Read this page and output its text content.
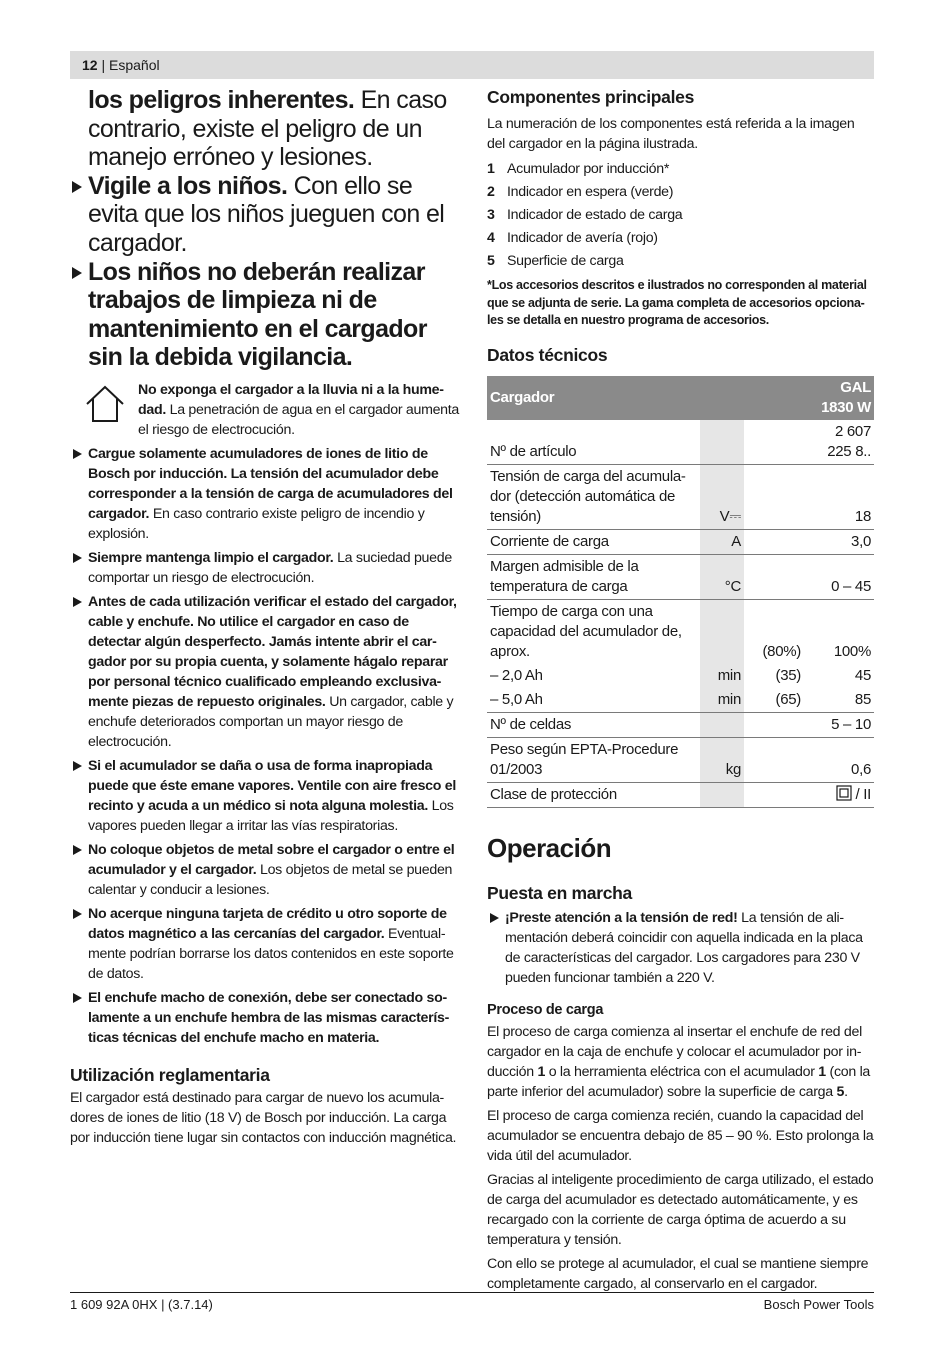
12 | Español

los peligros inherentes. En caso contrario, existe el peligro de un manejo erróneo y lesiones.

Vigile a los niños. Con ello se evita que los niños jueguen con el cargador.

Los niños no deberán realizar trabajos de limpieza ni de mantenimiento en el cargador sin la debida vigilancia.

No exponga el cargador a la lluvia ni a la humedad. La penetración de agua en el cargador aumenta el riesgo de electrocución.
Cargue solamente acumuladores de iones de litio de Bosch por inducción. La tensión del acumulador debe corresponder a la tensión de carga de acumuladores del cargador. En caso contrario existe peligro de incendio y explosión.
Siempre mantenga limpio el cargador. La suciedad puede comportar un riesgo de electrocución.
Antes de cada utilización verificar el estado del cargador, cable y enchufe. No utilice el cargador en caso de detectar algún desperfecto. Jamás intente abrir el cargador por su propia cuenta, y solamente hágalo reparar por personal técnico cualificado empleando exclusivamente piezas de repuesto originales. Un cargador, cable y enchufe deteriorados comportan un mayor riesgo de electrocución.
Si el acumulador se daña o usa de forma inapropiada puede que éste emane vapores. Ventile con aire fresco el recinto y acuda a un médico si nota alguna molestia. Los vapores pueden llegar a irritar las vías respiratorias.
No coloque objetos de metal sobre el cargador o entre el acumulador y el cargador. Los objetos de metal se pueden calentar y conducir a lesiones.
No acerque ninguna tarjeta de crédito u otro soporte de datos magnético a las cercanías del cargador. Eventualmente podrían borrarse los datos contenidos en este soporte de datos.
El enchufe macho de conexión, debe ser conectado solamente a un enchufe hembra de las mismas características técnicas del enchufe macho en materia.
Utilización reglamentaria

El cargador está destinado para cargar de nuevo los acumuladores de iones de litio (18 V) de Bosch por inducción. La carga por inducción tiene lugar sin contactos con inducción magnética.

Componentes principales

La numeración de los componentes está referida a la imagen del cargador en la página ilustrada.

1 Acumulador por inducción*
2 Indicador en espera (verde)
3 Indicador de estado de carga
4 Indicador de avería (rojo)
5 Superficie de carga

*Los accesorios descritos e ilustrados no corresponden al material que se adjunta de serie. La gama completa de accesorios opcionales se detalla en nuestro programa de accesorios.

Datos técnicos
Cargador			GAL 1830 W
Nº de artículo			2 607 225 8..
Tensión de carga del acumulador (detección automática de tensión)	V⎓		18
Corriente de carga	A		3,0
Margen admisible de la temperatura de carga	°C		0 – 45
Tiempo de carga con una capacidad del acumulador de, aprox.		(80%)	100%
– 2,0 Ah	min	(35)	45
– 5,0 Ah	min	(65)	85
Nº de celdas			5 – 10
Peso según EPTA-Procedure 01/2003	kg		0,6
Clase de protección			/ II
Operación
Puesta en marcha
¡Preste atención a la tensión de red! La tensión de alimentación deberá coincidir con aquella indicada en la placa de características del cargador. Los cargadores para 230 V pueden funcionar también a 220 V.
Proceso de carga

El proceso de carga comienza al insertar el enchufe de red del cargador en la caja de enchufe y colocar el acumulador por inducción 1 o la herramienta eléctrica con el acumulador 1 (con la parte inferior del acumulador) sobre la superficie de carga 5.

El proceso de carga comienza recién, cuando la capacidad del acumulador se encuentra debajo de 85 – 90 %. Esto prolonga la vida útil del acumulador.

Gracias al inteligente procedimiento de carga utilizado, el estado de carga del acumulador es detectado automáticamente, y es recargado con la corriente de carga óptima de acuerdo a su temperatura y tensión.

Con ello se protege al acumulador, el cual se mantiene siempre completamente cargado, al conservarlo en el cargador.

1 609 92A 0HX | (3.7.14)	Bosch Power Tools
